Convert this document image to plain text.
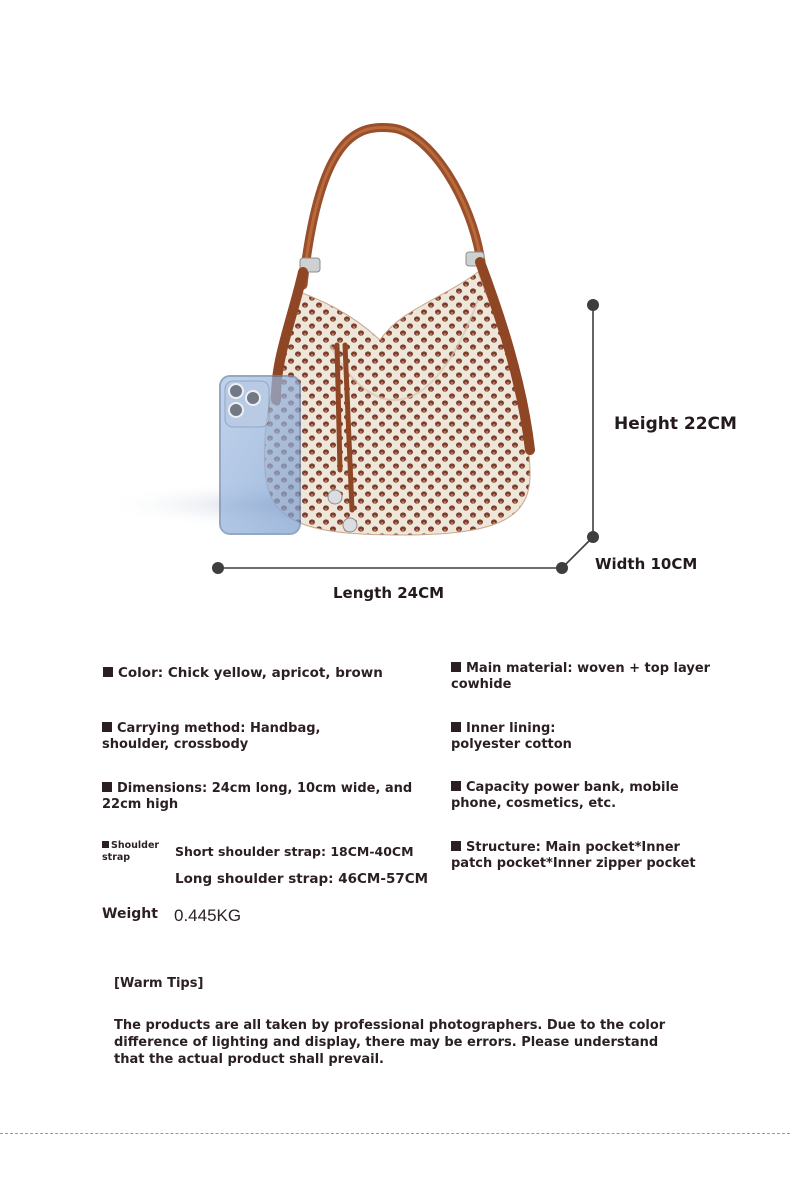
Height 22CM
Width 10CM
Length 24CM
Color: Chick yellow, apricot, brown
Carrying method: Handbag, shoulder, crossbody
Dimensions: 24cm long, 10cm wide, and 22cm high
Shoulder strap	Short shoulder strap: 18CM-40CM
Long shoulder strap: 46CM-57CM
Weight 0.445KG
Main material: woven + top layer cowhide
Inner lining: polyester cotton
Capacity power bank, mobile phone, cosmetics, etc.
Structure: Main pocket*Inner patch pocket*Inner zipper pocket
[Warm Tips]
The products are all taken by professional photographers. Due to the color difference of lighting and display, there may be errors. Please understand that the actual product shall prevail.
